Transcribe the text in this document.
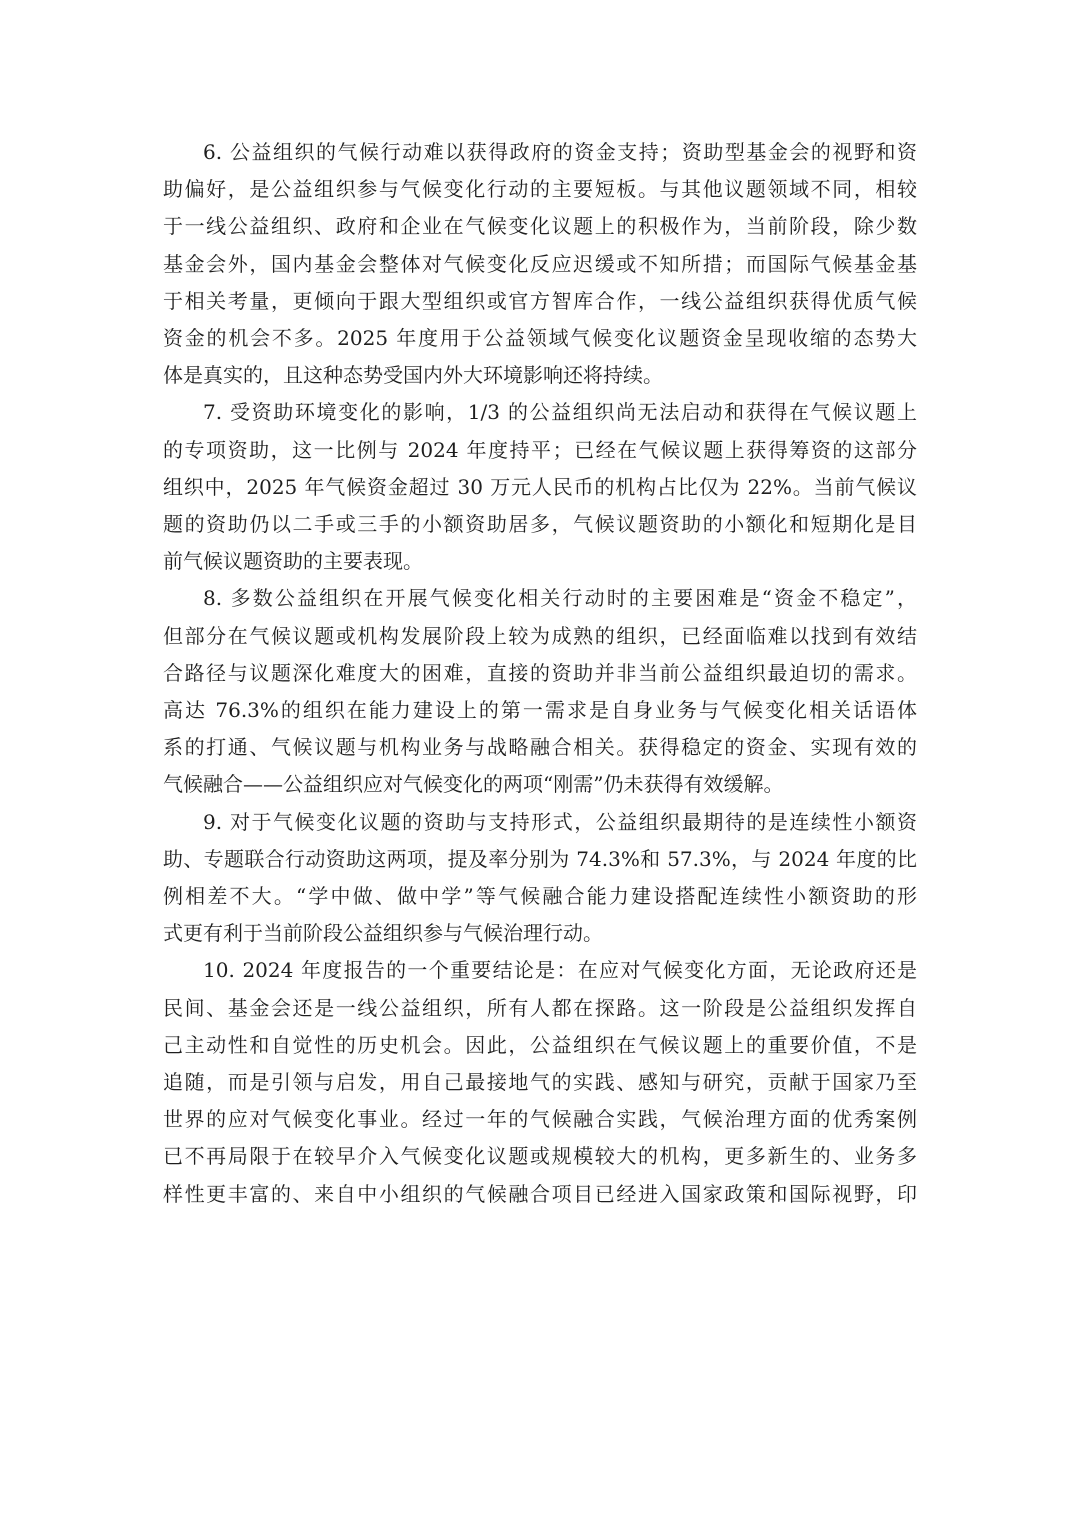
6. 公益组织的气候行动难以获得政府的资金支持；资助型基金会的视野和资
助偏好，是公益组织参与气候变化行动的主要短板。与其他议题领域不同，相较
于一线公益组织、政府和企业在气候变化议题上的积极作为，当前阶段，除少数
基金会外，国内基金会整体对气候变化反应迟缓或不知所措；而国际气候基金基
于相关考量，更倾向于跟大型组织或官方智库合作，一线公益组织获得优质气候
资金的机会不多。2025 年度用于公益领域气候变化议题资金呈现收缩的态势大
体是真实的，且这种态势受国内外大环境影响还将持续。

7. 受资助环境变化的影响，1/3 的公益组织尚无法启动和获得在气候议题上
的专项资助，这一比例与 2024 年度持平；已经在气候议题上获得筹资的这部分
组织中，2025 年气候资金超过 30 万元人民币的机构占比仅为 22%。当前气候议
题的资助仍以二手或三手的小额资助居多，气候议题资助的小额化和短期化是目
前气候议题资助的主要表现。

8. 多数公益组织在开展气候变化相关行动时的主要困难是“资金不稳定”，
但部分在气候议题或机构发展阶段上较为成熟的组织，已经面临难以找到有效结
合路径与议题深化难度大的困难，直接的资助并非当前公益组织最迫切的需求。
高达 76.3%的组织在能力建设上的第一需求是自身业务与气候变化相关话语体
系的打通、气候议题与机构业务与战略融合相关。获得稳定的资金、实现有效的
气候融合——公益组织应对气候变化的两项“刚需”仍未获得有效缓解。

9. 对于气候变化议题的资助与支持形式，公益组织最期待的是连续性小额资
助、专题联合行动资助这两项，提及率分别为 74.3%和 57.3%，与 2024 年度的比
例相差不大。“学中做、做中学”等气候融合能力建设搭配连续性小额资助的形
式更有利于当前阶段公益组织参与气候治理行动。

10. 2024 年度报告的一个重要结论是：在应对气候变化方面，无论政府还是
民间、基金会还是一线公益组织，所有人都在探路。这一阶段是公益组织发挥自
己主动性和自觉性的历史机会。因此，公益组织在气候议题上的重要价值，不是
追随，而是引领与启发，用自己最接地气的实践、感知与研究，贡献于国家乃至
世界的应对气候变化事业。经过一年的气候融合实践，气候治理方面的优秀案例
已不再局限于在较早介入气候变化议题或规模较大的机构，更多新生的、业务多
样性更丰富的、来自中小组织的气候融合项目已经进入国家政策和国际视野，印
